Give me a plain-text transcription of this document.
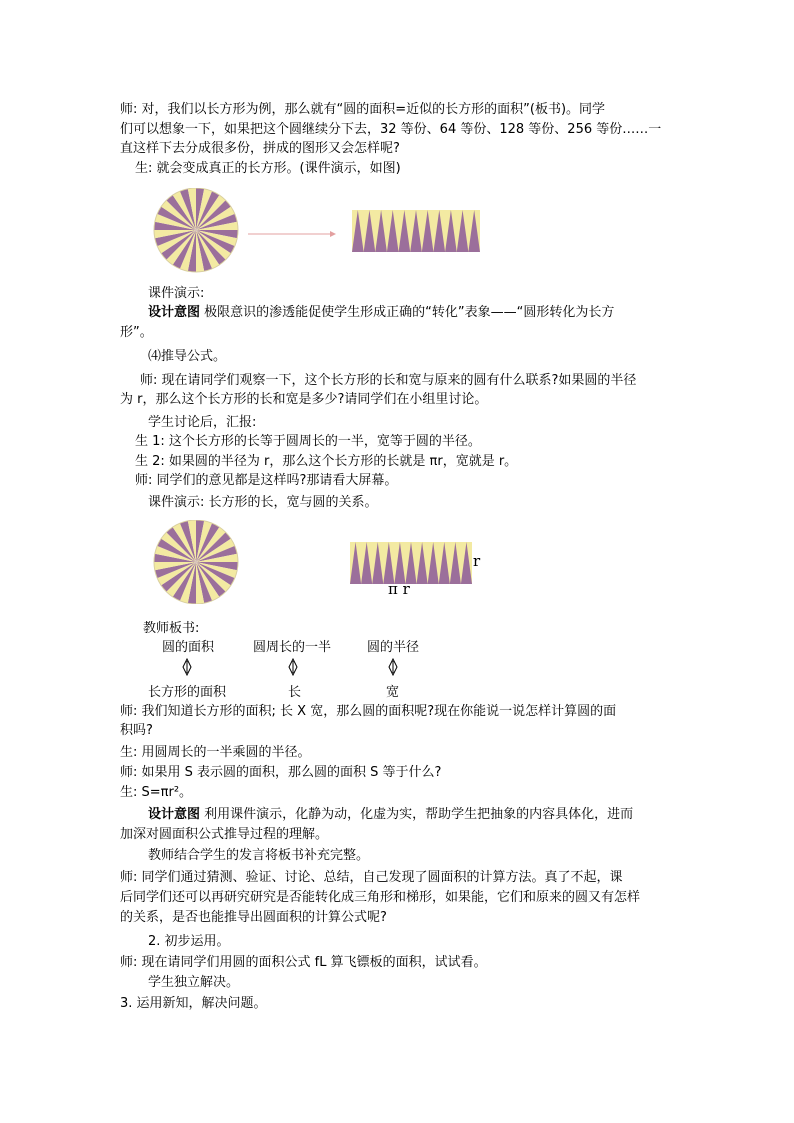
师: 对，我们以长方形为例，那么就有“圆的面积=近似的长方形的面积”(板书)。同学
们可以想象一下，如果把这个圆继续分下去，32 等份、64 等份、128 等份、256 等份……一
直这样下去分成很多份，拼成的图形又会怎样呢?
生: 就会变成真正的长方形。(课件演示，如图)
课件演示:
设计意图 极限意识的渗透能促使学生形成正确的“转化”表象——“圆形转化为长方
形”。
⑷推导公式。
师: 现在请同学们观察一下，这个长方形的长和宽与原来的圆有什么联系?如果圆的半径
为 r，那么这个长方形的长和宽是多少?请同学们在小组里讨论。
学生讨论后，汇报:
生 1: 这个长方形的长等于圆周长的一半，宽等于圆的半径。
生 2: 如果圆的半径为 r，那么这个长方形的长就是 πr，宽就是 r。
师: 同学们的意见都是这样吗?那请看大屏幕。
课件演示: 长方形的长，宽与圆的关系。
r
π r
教师板书:
圆的面积	圆周长的一半	圆的半径
长方形的面积	长	宽
师: 我们知道长方形的面积; 长 X 宽，那么圆的面积呢?现在你能说一说怎样计算圆的面
积吗?
生: 用圆周长的一半乘圆的半径。
师: 如果用 S 表示圆的面积，那么圆的面积 S 等于什么?
生: S=πr²。
设计意图 利用课件演示，化静为动，化虚为实，帮助学生把抽象的内容具体化，进而
加深对圆面积公式推导过程的理解。
教师结合学生的发言将板书补充完整。
师: 同学们通过猜测、验证、讨论、总结，自己发现了圆面积的计算方法。真了不起，课
后同学们还可以再研究研究是否能转化成三角形和梯形，如果能，它们和原来的圆又有怎样
的关系，是否也能推导出圆面积的计算公式呢?
2. 初步运用。
师: 现在请同学们用圆的面积公式 fL 算飞镖板的面积，试试看。
学生独立解决。
3. 运用新知，解决问题。
